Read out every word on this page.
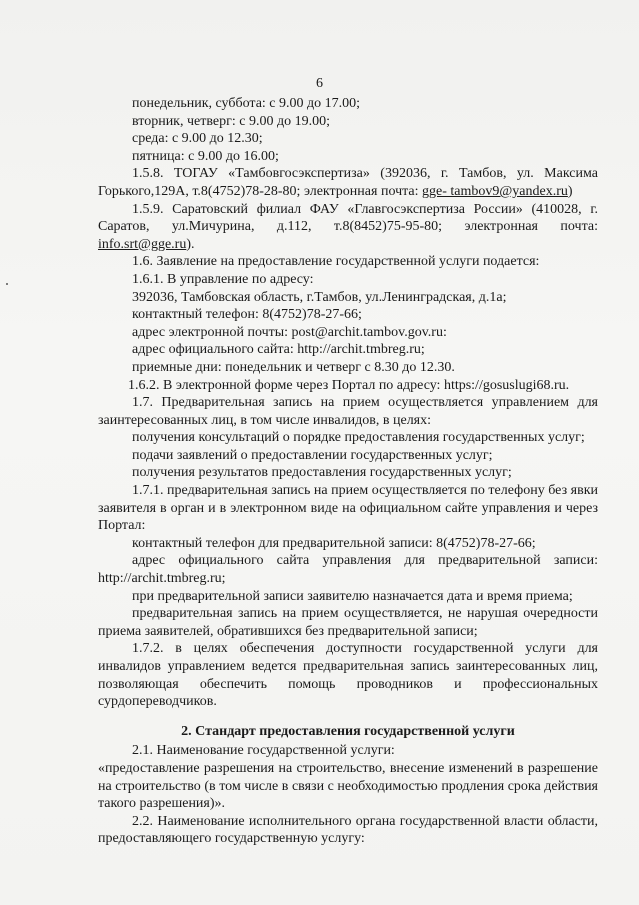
6

понедельник, суббота: с 9.00 до 17.00;

вторник, четверг: с 9.00 до 19.00;

среда: с 9.00 до 12.30;

пятница: с 9.00 до 16.00;

1.5.8. ТОГАУ «Тамбовгосэкспертиза» (392036, г. Тамбов, ул. Максима Горького,129А, т.8(4752)78-28-80; электронная почта: gge- tambov9@yandex.ru)

1.5.9. Саратовский филиал ФАУ «Главгосэкспертиза России» (410028, г. Саратов, ул.Мичурина, д.112, т.8(8452)75-95-80; электронная почта: info.srt@gge.ru).

1.6. Заявление на предоставление государственной услуги подается:

1.6.1. В управление по адресу:

392036, Тамбовская область, г.Тамбов, ул.Ленинградская, д.1а;

контактный телефон: 8(4752)78-27-66;

адрес электронной почты: post@archit.tambov.gov.ru:

адрес официального сайта: http://archit.tmbreg.ru;

приемные дни: понедельник и четверг с 8.30 до 12.30.

1.6.2. В электронной форме через Портал по адресу: https://gosuslugi68.ru.

1.7. Предварительная запись на прием осуществляется управлением для заинтересованных лиц, в том числе инвалидов, в целях:

получения консультаций о порядке предоставления государственных услуг;

подачи заявлений о предоставлении государственных услуг;

получения результатов предоставления государственных услуг;

1.7.1. предварительная запись на прием осуществляется по телефону без явки заявителя в орган и в электронном виде на официальном сайте управления и через Портал:

контактный телефон для предварительной записи: 8(4752)78-27-66;

адрес официального сайта управления для предварительной записи: http://archit.tmbreg.ru;

при предварительной записи заявителю назначается дата и время приема;

предварительная запись на прием осуществляется, не нарушая очередности приема заявителей, обратившихся без предварительной записи;

1.7.2. в целях обеспечения доступности государственной услуги для инвалидов управлением ведется предварительная запись заинтересованных лиц, позволяющая обеспечить помощь проводников и профессиональных сурдопереводчиков.

2. Стандарт предоставления государственной услуги

2.1. Наименование государственной услуги:

«предоставление разрешения на строительство, внесение изменений в разрешение на строительство (в том числе в связи с необходимостью продления срока действия такого разрешения)».

2.2. Наименование исполнительного органа государственной власти области, предоставляющего государственную услугу:
